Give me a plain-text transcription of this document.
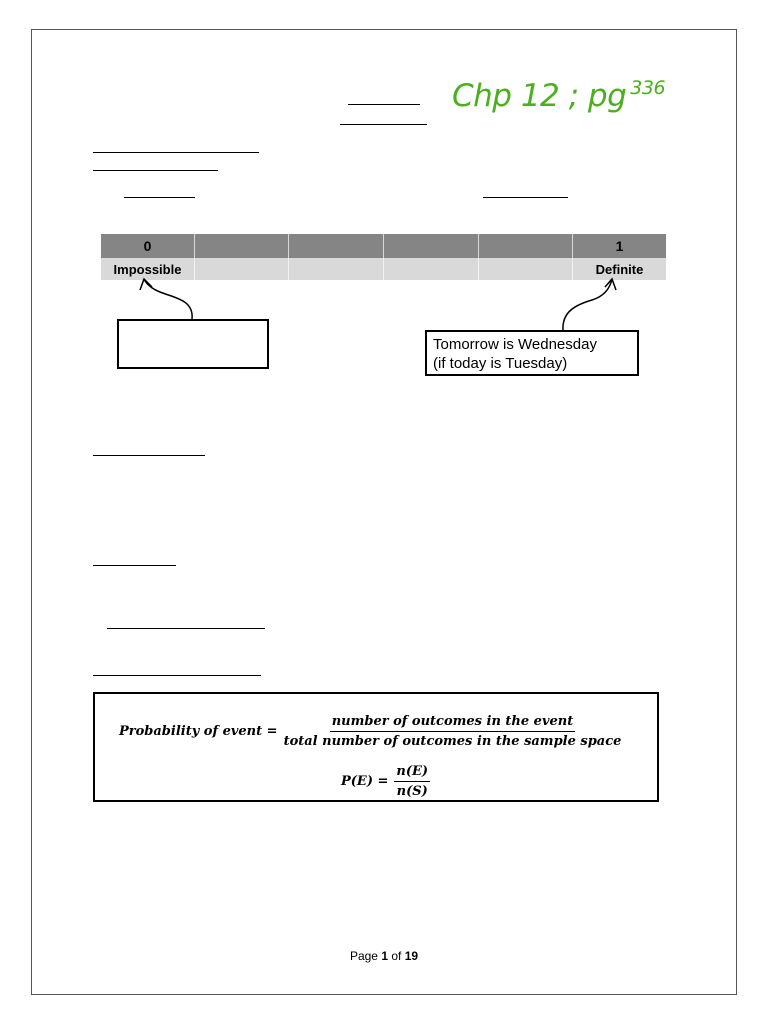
Chp 12 ; pg $^{336}$
0	1
Impossible	Definite
Tomorrow is Wednesday
(if today is Tuesday)
Probability of event = $\frac{\text{number of outcomes in the event}}{\text{total number of outcomes in the sample space}}$
$P(E) = \frac{n(E)}{n(S)}$
Page 1 of 19
